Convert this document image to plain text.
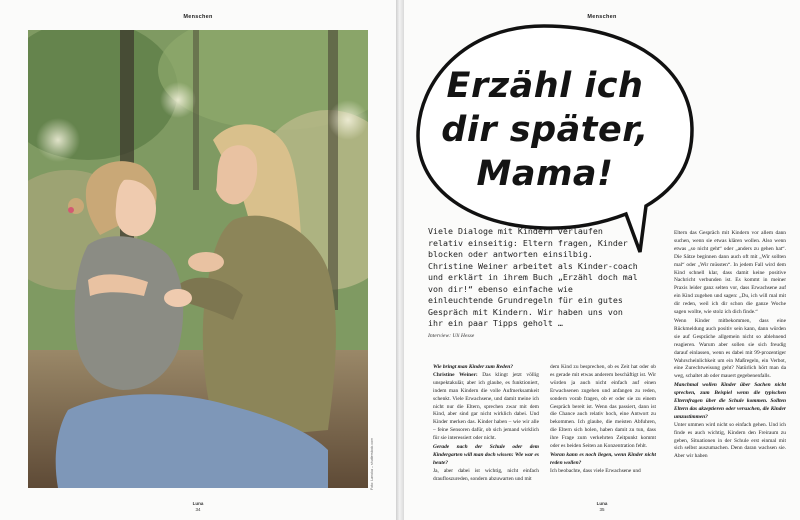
Menschen
Foto: Lanoka – shutterstock.com
Luna
34
Menschen
Erzähl ich
dir später,
Mama!
Viele Dialoge mit Kindern verlaufen relativ einseitig: Eltern fragen, Kinder blocken oder antworten einsilbig. Christine Weiner arbeitet als Kinder-coach und erklärt in ihrem Buch „Erzähl doch mal von dir!“ ebenso einfache wie einleuchtende Grundregeln für ein gutes Gespräch mit Kindern. Wir haben uns von ihr ein paar Tipps geholt …
Interview: Uli Hesse

Wie bringt man Kinder zum Reden?
Christine Weiner: Das klingt jetzt völlig unspektakulär, aber ich glaube, es funktioniert, indem man Kindern die volle Aufmerksamkeit schenkt. Viele Erwachsene, und damit meine ich nicht nur die Eltern, sprechen zwar mit dem Kind, aber sind gar nicht wirklich dabei. Und Kinder merken das. Kinder haben – wie wir alle – feine Sensoren dafür, ob sich jemand wirklich für sie interessiert oder nicht.

Gerade nach der Schule oder dem Kindergarten will man doch wissen: Wie war es heute?
Ja, aber dabei ist wichtig, nicht einfach draufloszureden, sondern abzuwarten und mit

dem Kind zu besprechen, ob es Zeit hat oder ob es gerade mit etwas anderem beschäftigt ist. Wir würden ja auch nicht einfach auf einen Erwachsenen zugehen und anfangen zu reden, sondern vorab fragen, ob er oder sie zu einem Gespräch bereit ist. Wenn das passiert, dann ist die Chance auch relativ hoch, eine Antwort zu bekommen. Ich glaube, die meisten Abfuhren, die Eltern sich holen, haben damit zu tun, dass ihre Frage zum verkehrten Zeitpunkt kommt oder es beiden Seiten an Konzentration fehlt.

Woran kann es noch liegen, wenn Kinder nicht reden wollen?
Ich beobachte, dass viele Erwachsene und

Eltern das Gespräch mit Kindern vor allem dann suchen, wenn sie etwas klären wollen. Also wenn etwas „so nicht geht“ oder „anders zu gehen hat“. Die Sätze beginnen dann auch oft mit „Wir sollten mal“ oder „Wir müssten“. In jedem Fall wird dem Kind schnell klar, dass damit keine positive Nachricht verbunden ist. Es kommt in meiner Praxis leider ganz selten vor, dass Erwachsene auf ein Kind zugehen und sagen: „Du, ich will mal mit dir reden, weil ich dir schon die ganze Woche sagen wollte, wie stolz ich dich finde.“

Wenn Kinder mitbekommen, dass eine Rückmeldung auch positiv sein kann, dann würden sie auf Gespräche allgemein nicht so ablehnend reagieren. Warum aber sollen sie sich freudig darauf einlassen, wenn es dabei mit 99-prozentiger Wahrscheinlichkeit um ein Maßregeln, ein Verbot, eine Zurechtweisung geht? Natürlich hört man da weg, schaltet ab oder mauert gegebenenfalls.

Manchmal wollen Kinder über Sachen nicht sprechen, zum Beispiel wenn die typischen Elternfragen über die Schule kommen. Sollten Eltern das akzeptieren oder versuchen, die Kinder umzustimmen?
Unter ummen wird nicht so einfach gehen. Und ich finde es auch wichtig, Kindern den Freiraum zu geben, Situationen in der Schule erst einmal mit sich selbst auszumachen. Denn daran wachsen sie. Aber wir haben

Luna
35
